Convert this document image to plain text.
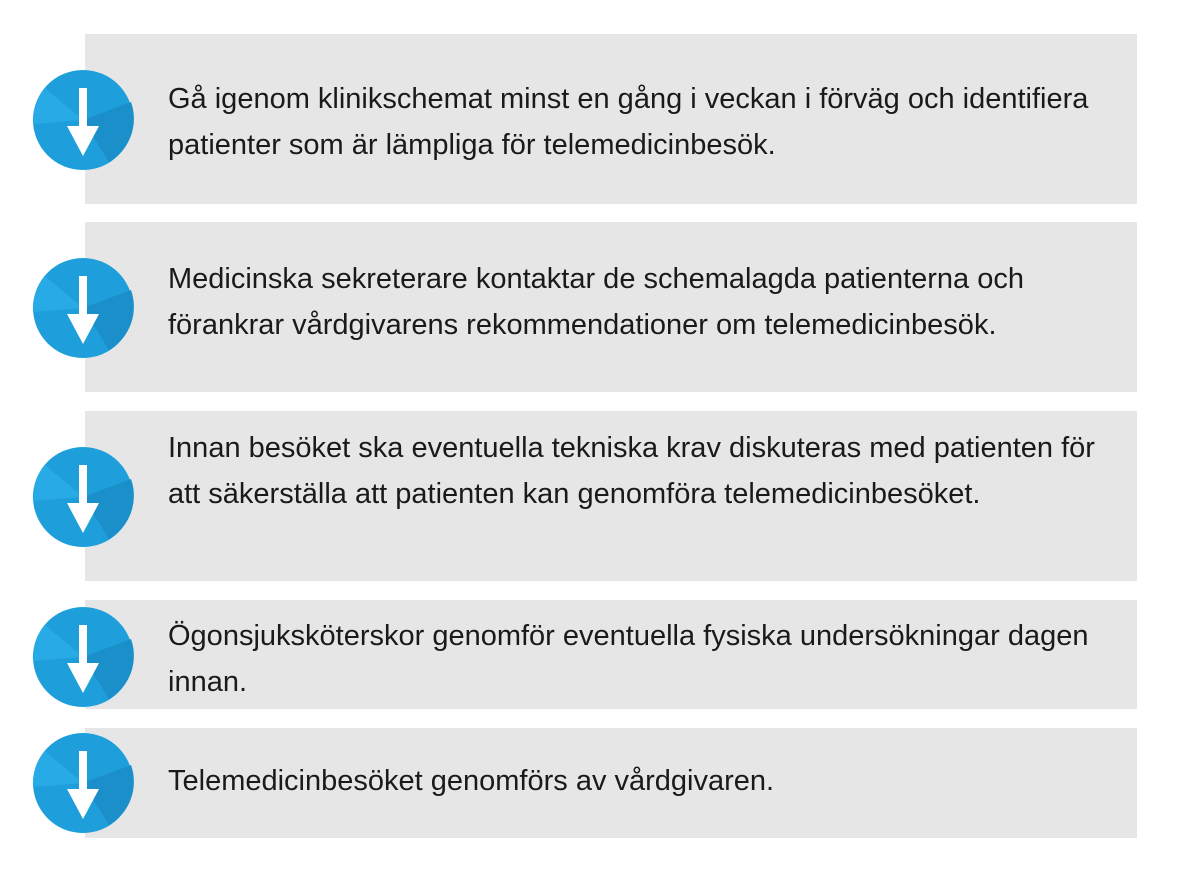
Gå igenom klinikschemat minst en gång i veckan i förväg och identifiera patienter som är lämpliga för telemedicinbesök.
Medicinska sekreterare kontaktar de schemalagda patienterna och förankrar vårdgivarens rekommendationer om telemedicinbesök.
Innan besöket ska eventuella tekniska krav diskuteras med patienten för att säkerställa att patienten kan genomföra telemedicinbesöket.
Ögonsjuksköterskor genomför eventuella fysiska undersökningar dagen innan.
Telemedicinbesöket genomförs av vårdgivaren.
